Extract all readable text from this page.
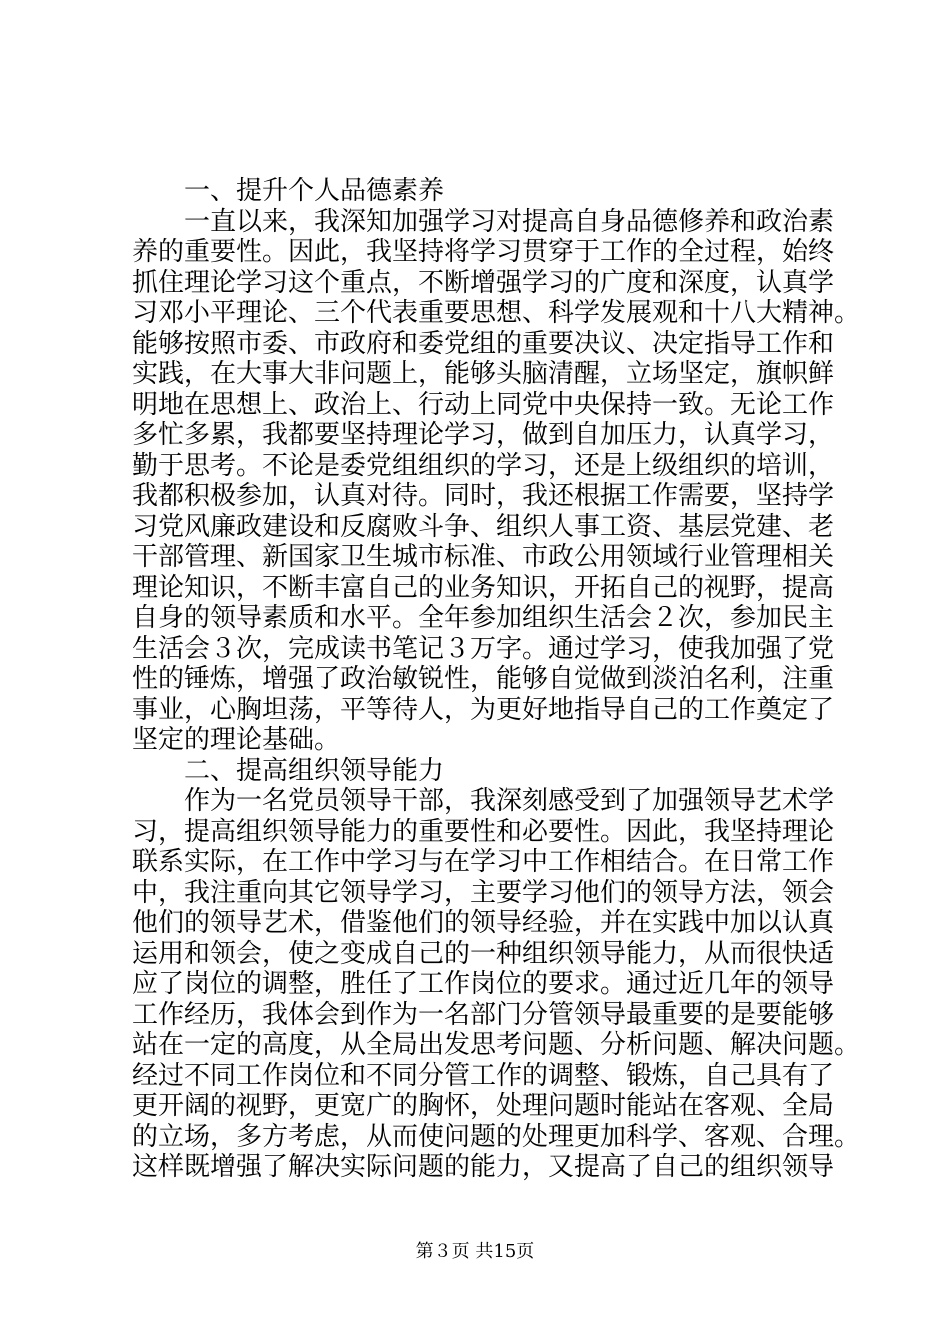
一、提升个人品德素养

一直以来，我深知加强学习对提高自身品德修养和政治素

养的重要性。因此，我坚持将学习贯穿于工作的全过程，始终

抓住理论学习这个重点，不断增强学习的广度和深度，认真学

习邓小平理论、三个代表重要思想、科学发展观和十八大精神。

能够按照市委、市政府和委党组的重要决议、决定指导工作和

实践，在大事大非问题上，能够头脑清醒，立场坚定，旗帜鲜

明地在思想上、政治上、行动上同党中央保持一致。无论工作

多忙多累，我都要坚持理论学习，做到自加压力，认真学习，

勤于思考。不论是委党组组织的学习，还是上级组织的培训，

我都积极参加，认真对待。同时，我还根据工作需要，坚持学

习党风廉政建设和反腐败斗争、组织人事工资、基层党建、老

干部管理、新国家卫生城市标准、市政公用领域行业管理相关

理论知识，不断丰富自己的业务知识，开拓自己的视野，提高

自身的领导素质和水平。全年参加组织生活会２次，参加民主

生活会３次，完成读书笔记３万字。通过学习，使我加强了党

性的锤炼，增强了政治敏锐性，能够自觉做到淡泊名利，注重

事业，心胸坦荡，平等待人，为更好地指导自己的工作奠定了

坚定的理论基础。

二、提高组织领导能力

作为一名党员领导干部，我深刻感受到了加强领导艺术学

习，提高组织领导能力的重要性和必要性。因此，我坚持理论

联系实际，在工作中学习与在学习中工作相结合。在日常工作

中，我注重向其它领导学习，主要学习他们的领导方法，领会

他们的领导艺术，借鉴他们的领导经验，并在实践中加以认真

运用和领会，使之变成自己的一种组织领导能力，从而很快适

应了岗位的调整，胜任了工作岗位的要求。通过近几年的领导

工作经历，我体会到作为一名部门分管领导最重要的是要能够

站在一定的高度，从全局出发思考问题、分析问题、解决问题。

经过不同工作岗位和不同分管工作的调整、锻炼，自己具有了

更开阔的视野，更宽广的胸怀，处理问题时能站在客观、全局

的立场，多方考虑，从而使问题的处理更加科学、客观、合理。

这样既增强了解决实际问题的能力，又提高了自己的组织领导

第３页 共15页
